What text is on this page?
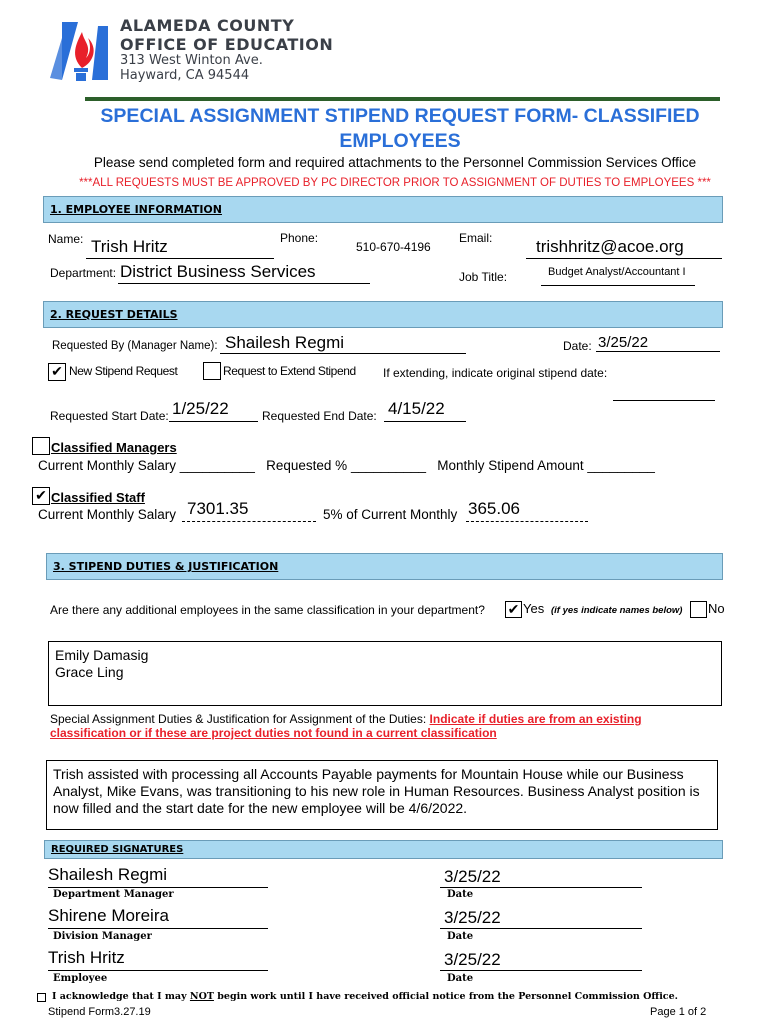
ALAMEDA COUNTY
OFFICE OF EDUCATION
313 West Winton Ave.
Hayward, CA 94544
SPECIAL ASSIGNMENT STIPEND REQUEST FORM- CLASSIFIED EMPLOYEES
Please send completed form and required attachments to the Personnel Commission Services Office
***ALL REQUESTS MUST BE APPROVED BY PC DIRECTOR PRIOR TO ASSIGNMENT OF DUTIES TO EMPLOYEES ***
1. EMPLOYEE INFORMATION
Name: Trish Hritz	Phone:
510-670-4196
Email:	trishhritz@acoe.org
Department: District Business Services	Job Title:	Budget Analyst/Accountant I
2. REQUEST DETAILS
Requested By (Manager Name): Shailesh Regmi	Date: 3/25/22
✔ New Stipend Request	Request to Extend Stipend If extending, indicate original stipend date:
Requested Start Date: 1/25/22	Requested End Date: 4/15/22
Classified Managers
Current Monthly Salary __________   Requested % __________   Monthly Stipend Amount _________
✔ Classified Staff
Current Monthly Salary 7301.35	5% of Current Monthly 365.06
3. STIPEND DUTIES & JUSTIFICATION
Are there any additional employees in the same classification in your department? ✔ Yes (if yes indicate names below) No
Emily Damasig
Grace Ling
Special Assignment Duties & Justification for Assignment of the Duties: Indicate if duties are from an existing
classification or if these are project duties not found in a current classification
Trish assisted with processing all Accounts Payable payments for Mountain House while our Business Analyst, Mike Evans, was transitioning to his new role in Human Resources. Business Analyst position is now filled and the start date for the new employee will be 4/6/2022.
REQUIRED SIGNATURES
Shailesh Regmi
Department Manager
3/25/22
Date
Shirene Moreira
Division Manager
3/25/22
Date
Trish Hritz
Employee
3/25/22
Date
I acknowledge that I may NOT begin work until I have received official notice from the Personnel Commission Office.
Stipend Form3.27.19	Page 1 of 2
